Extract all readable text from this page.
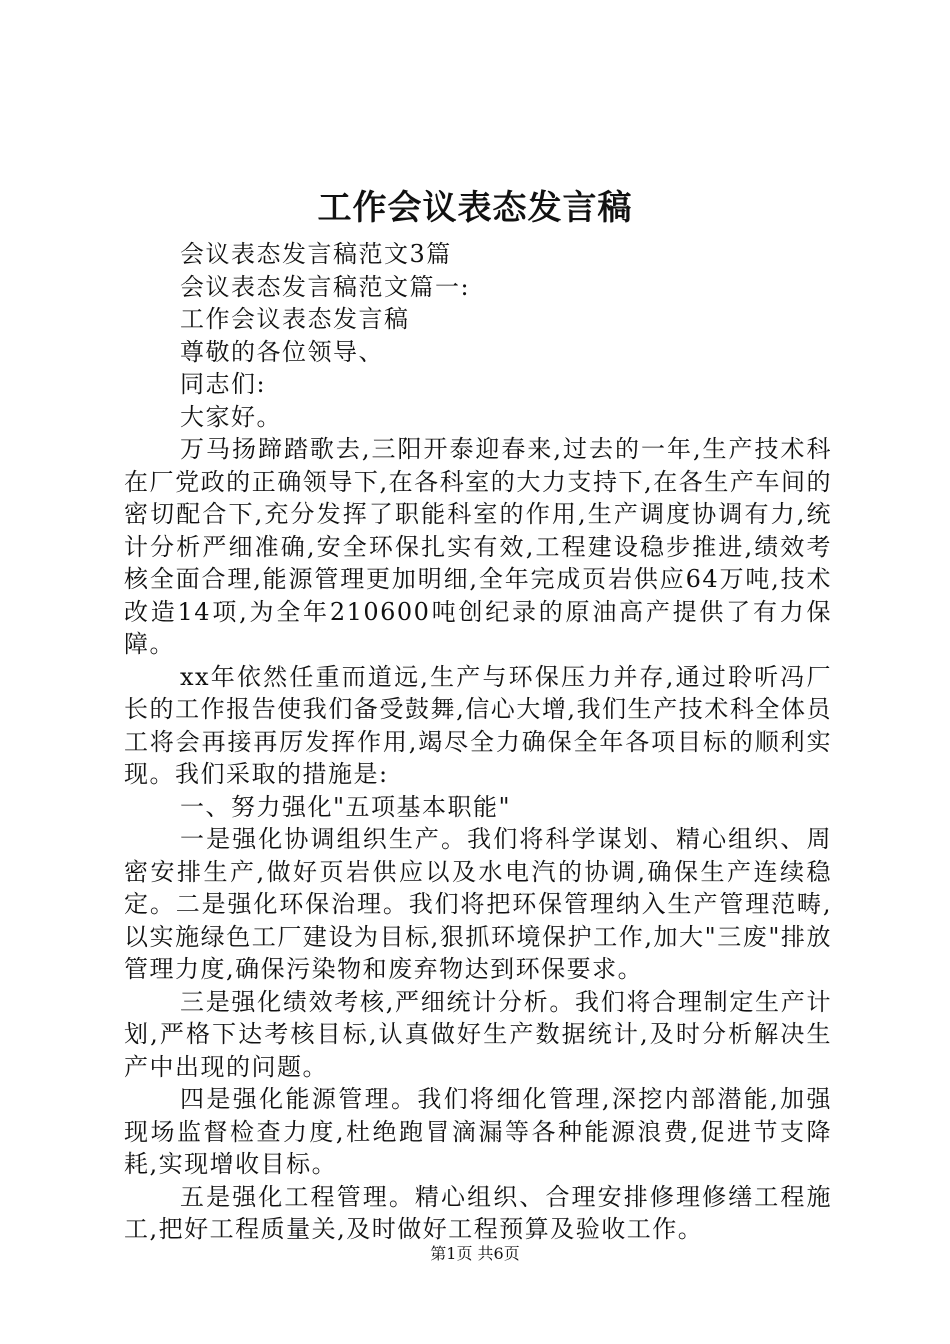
工作会议表态发言稿

会议表态发言稿范文3篇

会议表态发言稿范文篇一:

工作会议表态发言稿

尊敬的各位领导、

同志们:

大家好。

万马扬蹄踏歌去,三阳开泰迎春来,过去的一年,生产技术科在厂党政的正确领导下,在各科室的大力支持下,在各生产车间的密切配合下,充分发挥了职能科室的作用,生产调度协调有力,统计分析严细准确,安全环保扎实有效,工程建设稳步推进,绩效考核全面合理,能源管理更加明细,全年完成页岩供应64万吨,技术改造14项,为全年210600吨创纪录的原油高产提供了有力保障。

xx年依然任重而道远,生产与环保压力并存,通过聆听冯厂长的工作报告使我们备受鼓舞,信心大增,我们生产技术科全体员工将会再接再厉发挥作用,竭尽全力确保全年各项目标的顺利实现。我们采取的措施是:

一、努力强化"五项基本职能"

一是强化协调组织生产。我们将科学谋划、精心组织、周密安排生产,做好页岩供应以及水电汽的协调,确保生产连续稳定。二是强化环保治理。我们将把环保管理纳入生产管理范畴,以实施绿色工厂建设为目标,狠抓环境保护工作,加大"三废"排放管理力度,确保污染物和废弃物达到环保要求。

三是强化绩效考核,严细统计分析。我们将合理制定生产计划,严格下达考核目标,认真做好生产数据统计,及时分析解决生产中出现的问题。

四是强化能源管理。我们将细化管理,深挖内部潜能,加强现场监督检查力度,杜绝跑冒滴漏等各种能源浪费,促进节支降耗,实现增收目标。

五是强化工程管理。精心组织、合理安排修理修缮工程施工,把好工程质量关,及时做好工程预算及验收工作。

第1页 共6页
